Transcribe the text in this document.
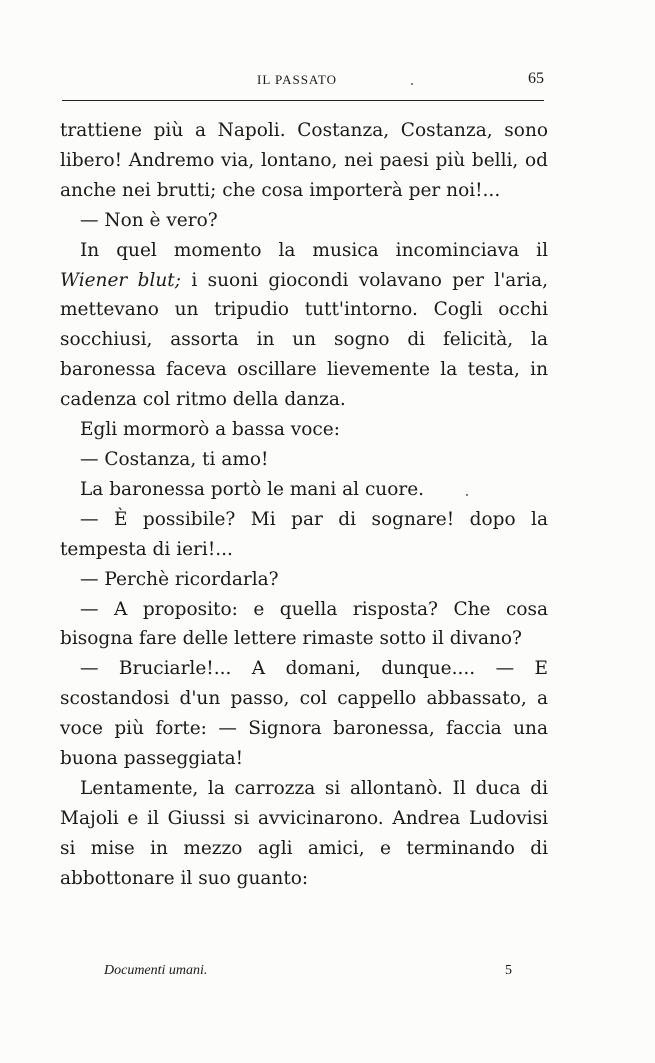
IL PASSATO	65

trattiene più a Napoli. Costanza, Costanza, sono libero! Andremo via, lontano, nei paesi più belli, od anche nei brutti; che cosa importerà per noi!...

— Non è vero?

In quel momento la musica incominciava il Wiener blut; i suoni giocondi volavano per l'aria, mettevano un tripudio tutt'intorno. Cogli occhi socchiusi, assorta in un sogno di felicità, la baronessa faceva oscillare lievemente la testa, in cadenza col ritmo della danza.

Egli mormorò a bassa voce:

— Costanza, ti amo!

La baronessa portò le mani al cuore.

— È possibile? Mi par di sognare! dopo la tempesta di ieri!...

— Perchè ricordarla?

— A proposito: e quella risposta? Che cosa bisogna fare delle lettere rimaste sotto il divano?

— Bruciarle!... A domani, dunque.... — E scostandosi d'un passo, col cappello abbassato, a voce più forte: — Signora baronessa, faccia una buona passeggiata!

Lentamente, la carrozza si allontanò. Il duca di Majoli e il Giussi si avvicinarono. Andrea Ludovisi si mise in mezzo agli amici, e terminando di abbottonare il suo guanto:

Documenti umani.	5
